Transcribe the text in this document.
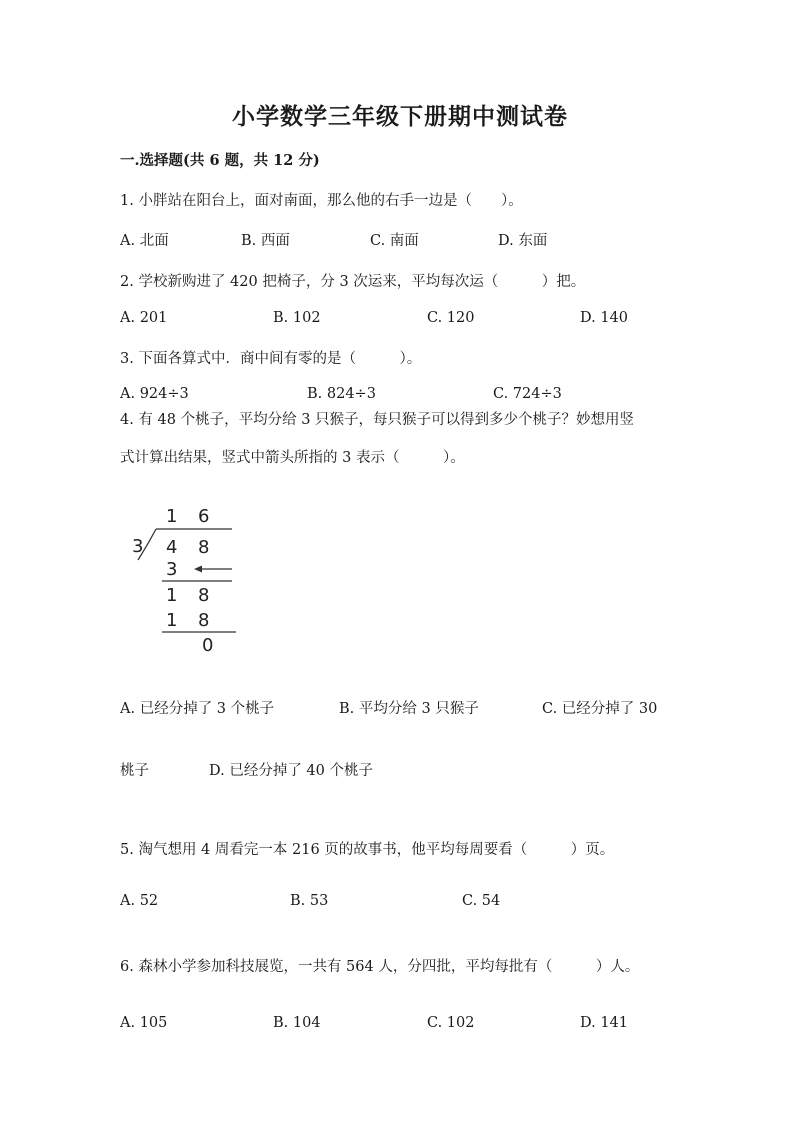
小学数学三年级下册期中测试卷
一.选择题(共 6 题，共 12 分)
1. 小胖站在阳台上，面对南面，那么他的右手一边是（　　）。
A. 北面	B. 西面	C. 南面	D. 东面
2. 学校新购进了 420 把椅子，分 3 次运来，平均每次运（　　　）把。
A. 201	B. 102	C. 120	D. 140
3. 下面各算式中．商中间有零的是（　　　）。
A. 924÷3	B. 824÷3	C. 724÷3
4. 有 48 个桃子，平均分给 3 只猴子，每只猴子可以得到多少个桃子？妙想用竖
式计算出结果，竖式中箭头所指的 3 表示（　　　）。
1 6
3 4 8
3
1 8
1 8
0
A. 已经分掉了 3 个桃子	B. 平均分给 3 只猴子	C. 已经分掉了 30
桃子	D. 已经分掉了 40 个桃子
5. 淘气想用 4 周看完一本 216 页的故事书，他平均每周要看（　　　）页。
A. 52	B. 53	C. 54
6. 森林小学参加科技展览，一共有 564 人，分四批，平均每批有（　　　）人。
A. 105	B. 104	C. 102	D. 141
